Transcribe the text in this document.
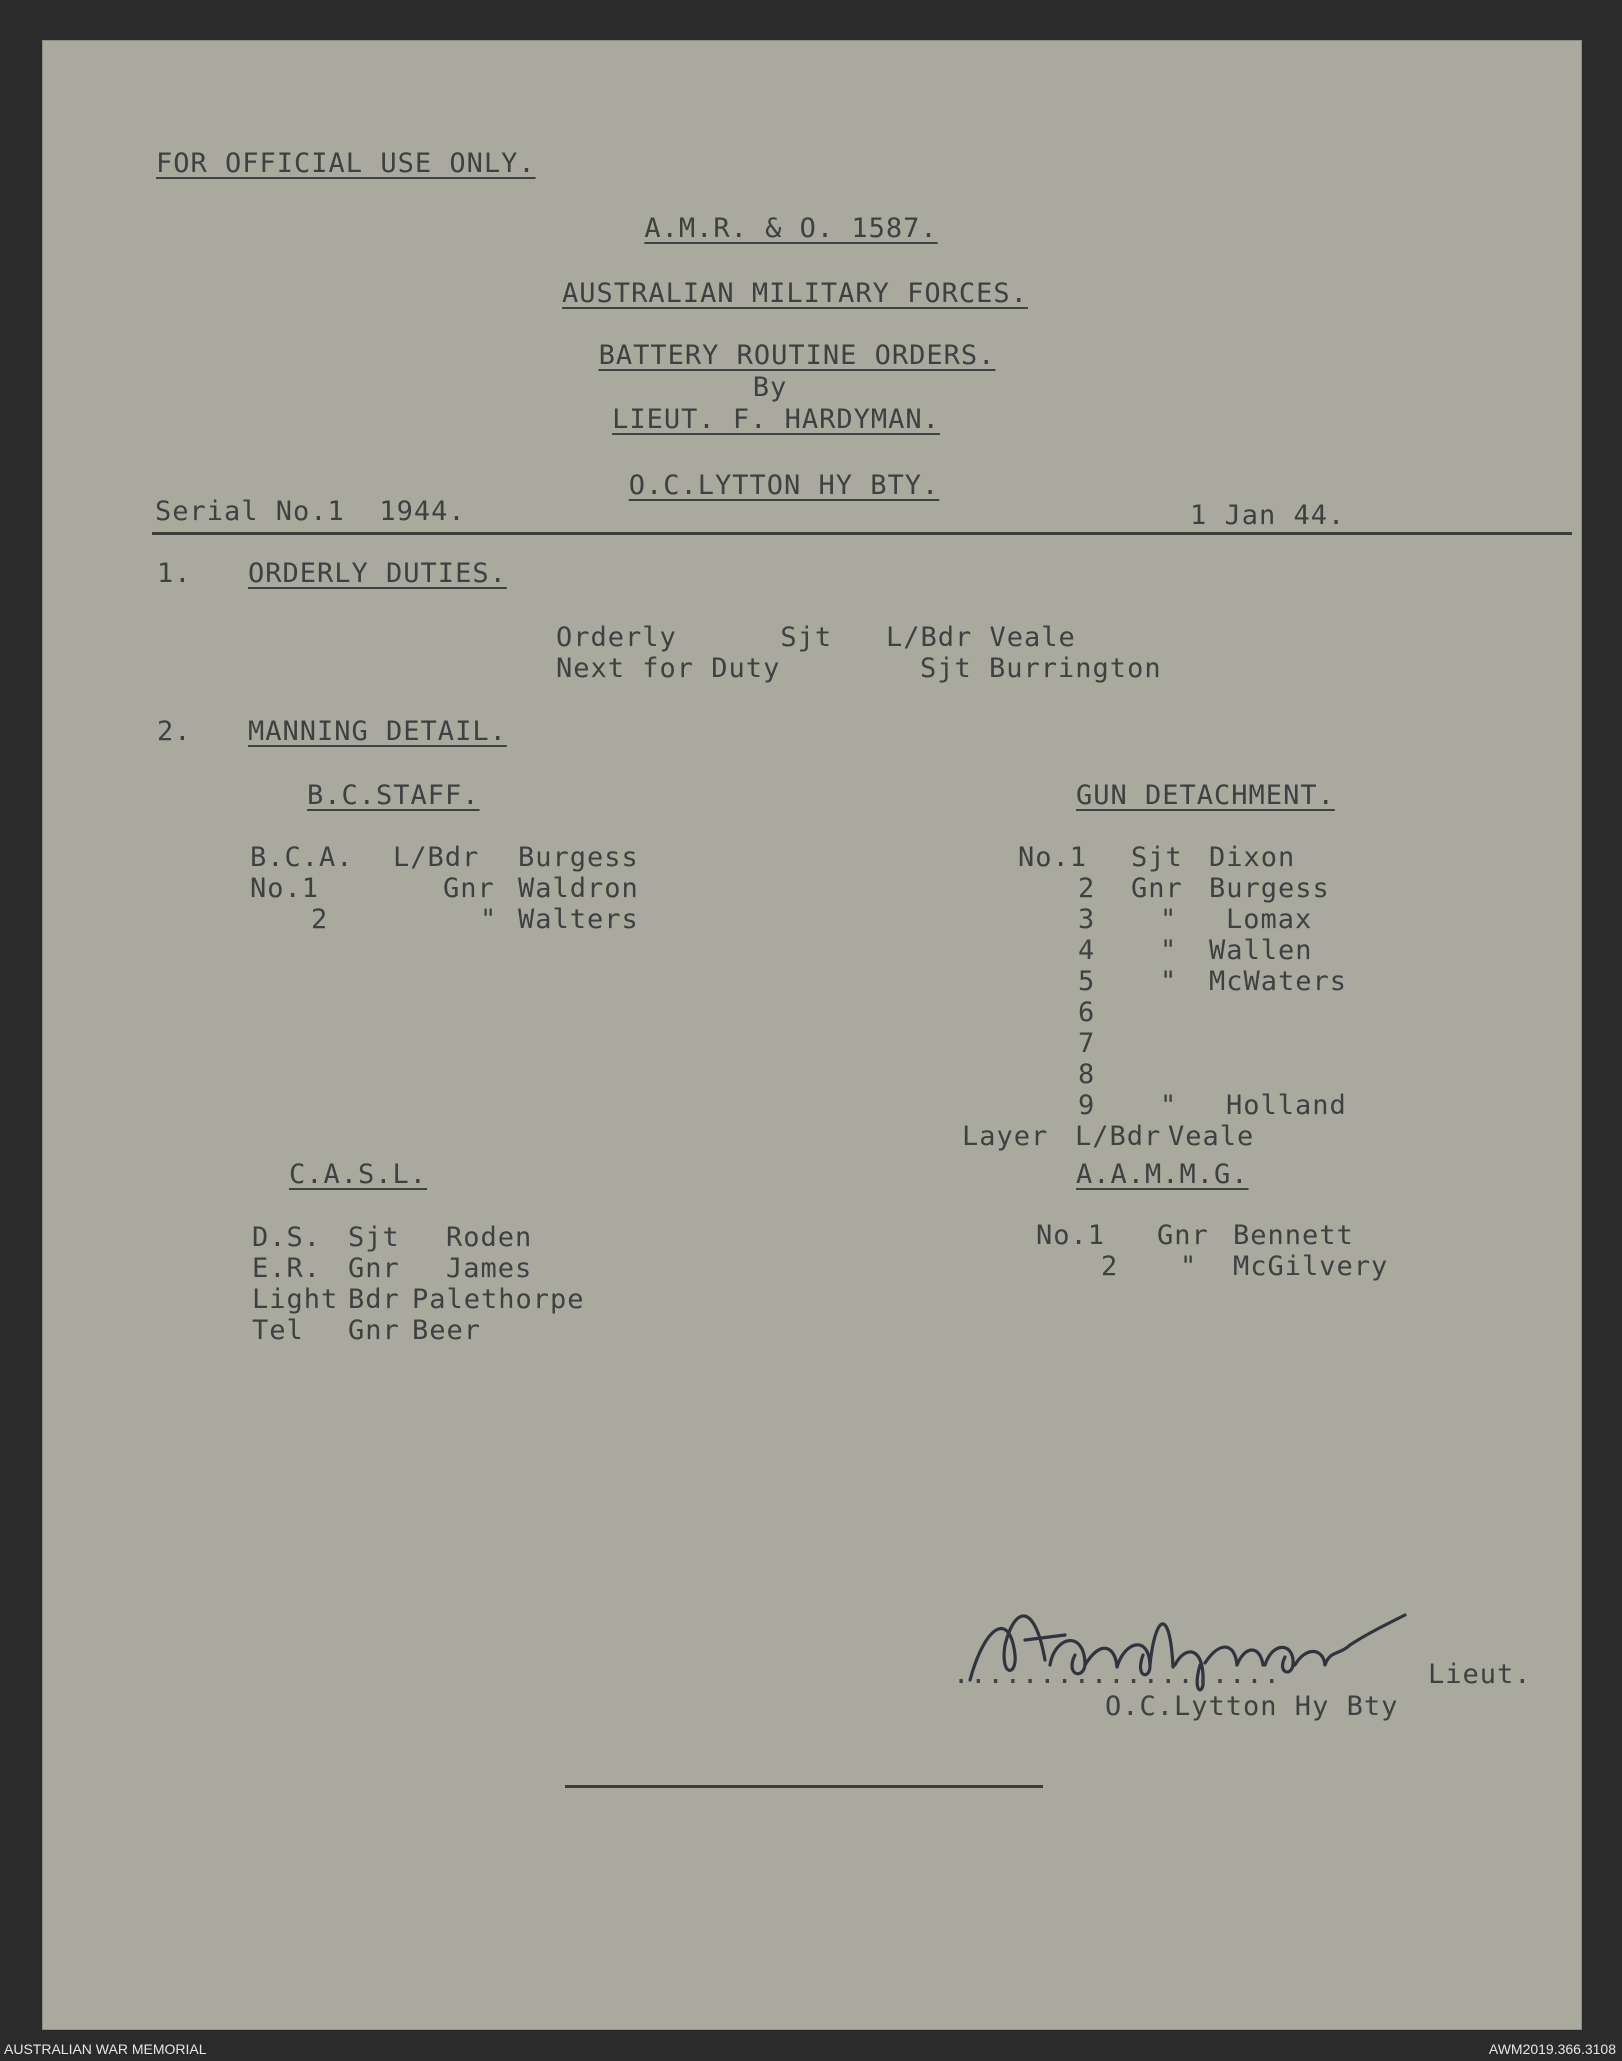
FOR OFFICIAL USE ONLY.
A.M.R. & O. 1587.
AUSTRALIAN MILITARY FORCES.
BATTERY ROUTINE ORDERS.
By
LIEUT. F. HARDYMAN.
O.C.LYTTON HY BTY.
Serial No.1  1944.	1 Jan 44.
1. ORDERLY DUTIES.
Orderly      Sjt L/Bdr Veale
Next for Duty	Sjt Burrington
2. MANNING DETAIL.
B.C.STAFF.
B.C.A. L/Bdr Burgess
No.1	Gnr Waldron
2	" Walters
GUN DETACHMENT.
No.1 Sjt Dixon
2 Gnr Burgess
3 " Lomax
4 " Wallen
5 " McWaters
6
7
8
9 " Holland
Layer L/Bdr Veale
C.A.S.L.
D.S. Sjt Roden
E.R. Gnr James
Light Bdr Palethorpe
Tel Gnr Beer
A.A.M.M.G.
No.1 Gnr Bennett
2 " McGilvery
...................	Lieut.
O.C.Lytton Hy Bty
AUSTRALIAN WAR MEMORIAL	AWM2019.366.3108
